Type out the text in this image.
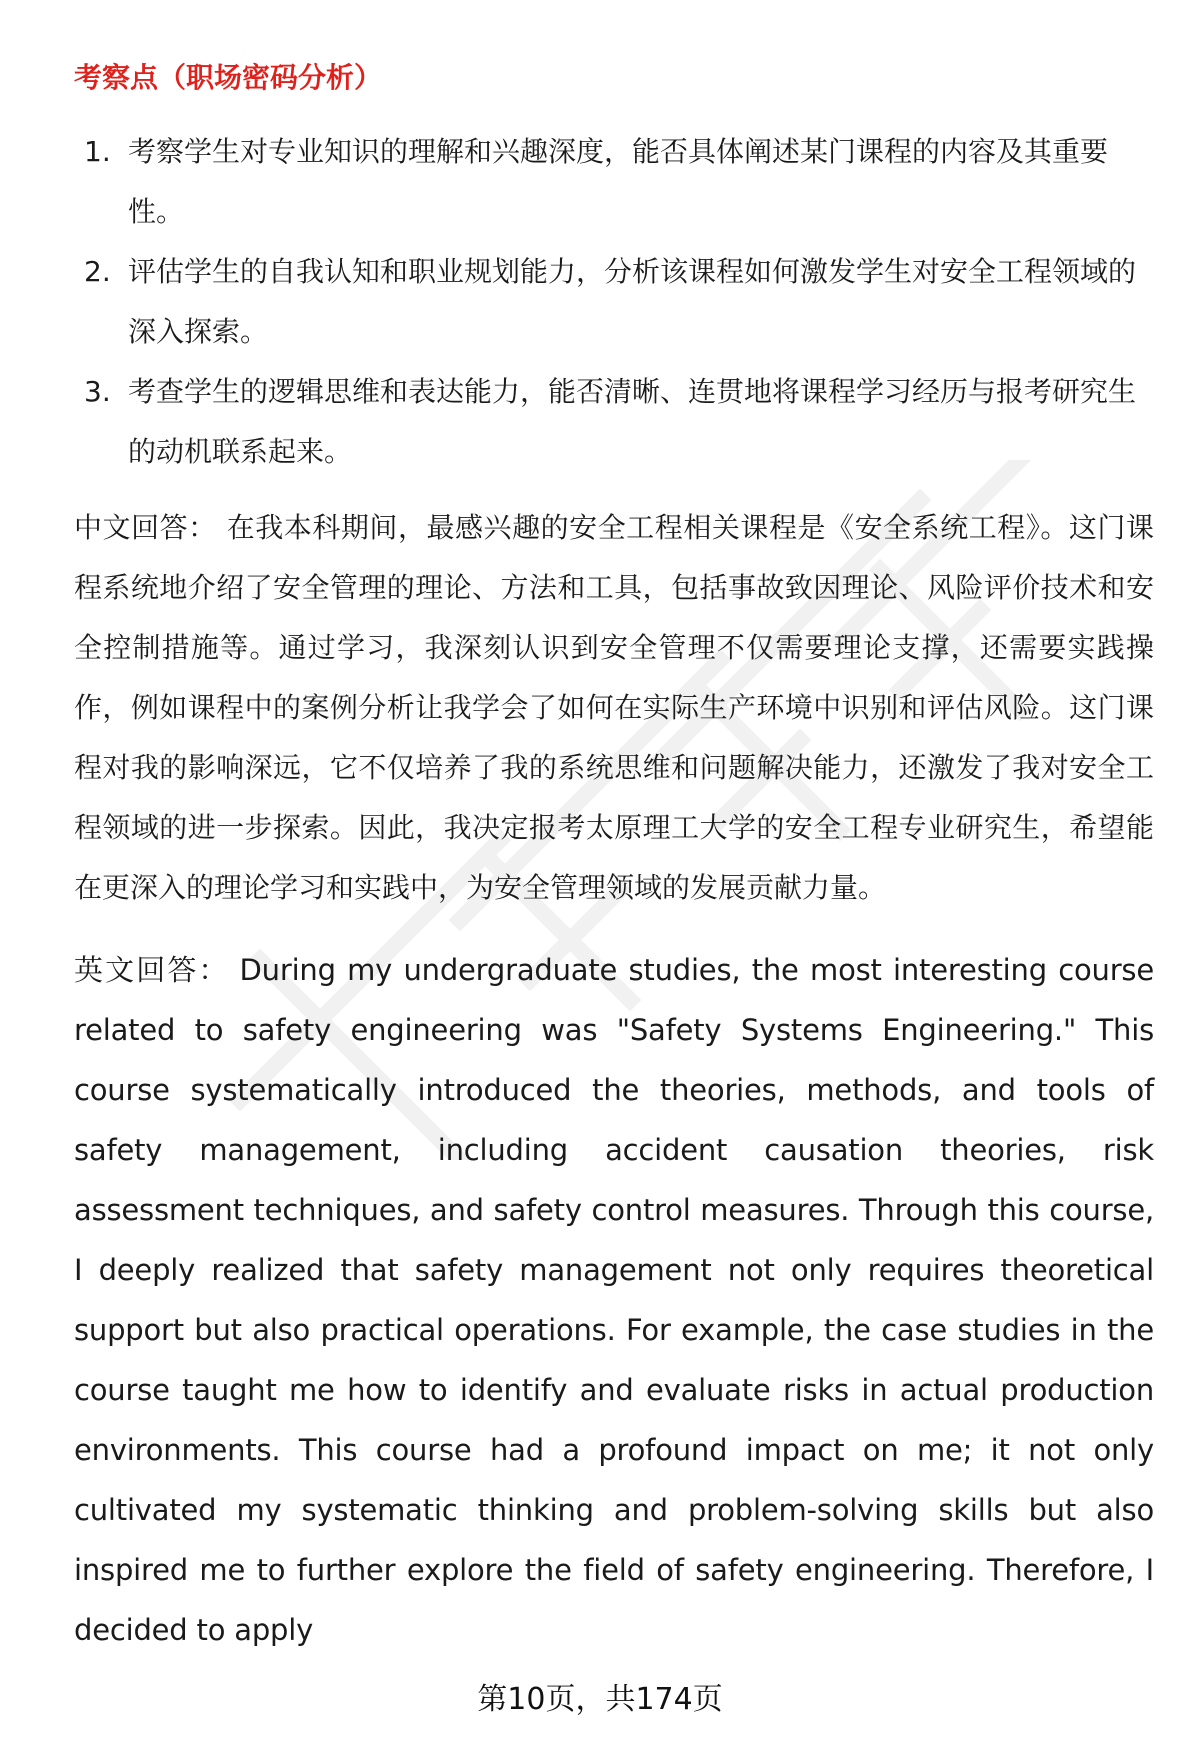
考察点（职场密码分析）
1. 考察学生对专业知识的理解和兴趣深度，能否具体阐述某门课程的内容及其重要性。
2. 评估学生的自我认知和职业规划能力，分析该课程如何激发学生对安全工程领域的深入探索。
3. 考查学生的逻辑思维和表达能力，能否清晰、连贯地将课程学习经历与报考研究生的动机联系起来。

中文回答： 在我本科期间，最感兴趣的安全工程相关课程是《安全系统工程》。这门课程系统地介绍了安全管理的理论、方法和工具，包括事故致因理论、风险评价技术和安全控制措施等。通过学习，我深刻认识到安全管理不仅需要理论支撑，还需要实践操作，例如课程中的案例分析让我学会了如何在实际生产环境中识别和评估风险。这门课程对我的影响深远，它不仅培养了我的系统思维和问题解决能力，还激发了我对安全工程领域的进一步探索。因此，我决定报考太原理工大学的安全工程专业研究生，希望能在更深入的理论学习和实践中，为安全管理领域的发展贡献力量。

英文回答： During my undergraduate studies, the most interesting course related to safety engineering was "Safety Systems Engineering." This course systematically introduced the theories, methods, and tools of safety management, including accident causation theories, risk assessment techniques, and safety control measures. Through this course, I deeply realized that safety management not only requires theoretical support but also practical operations. For example, the case studies in the course taught me how to identify and evaluate risks in actual production environments. This course had a profound impact on me; it not only cultivated my systematic thinking and problem-solving skills but also inspired me to further explore the field of safety engineering. Therefore, I decided to apply

第10页，共174页
